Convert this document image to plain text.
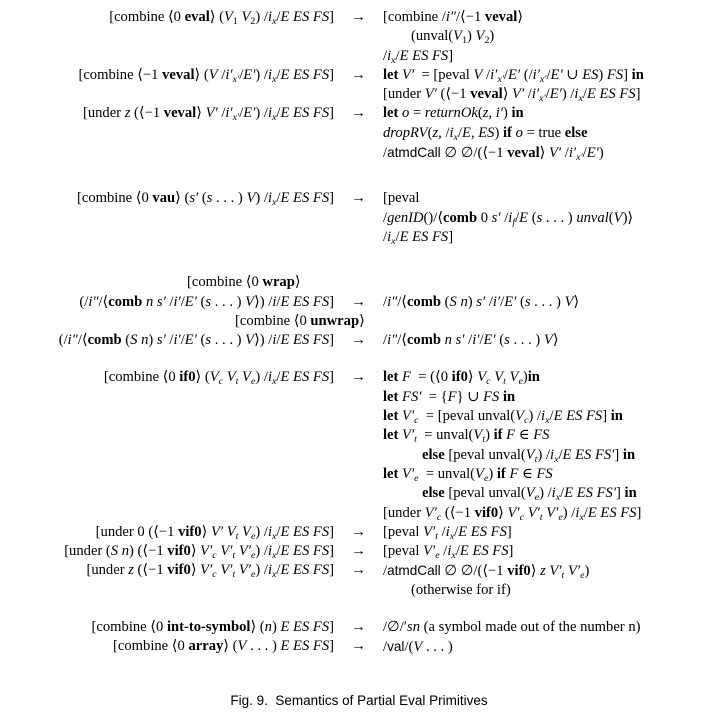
[combine ⟨0 eval⟩ ($V_1$ $V_2$) $/i_x/E$ ES FS]	→	[combine /i″/⟨−1 veval⟩
($unval(V_1)$ $V_2$)
$/i_x/E$ ES FS]
[combine ⟨−1 veval⟩ (V $/i'_{x'}/E'$) $/i_x/E$ ES FS]	→	let V′  = [peval V $/i'_{x'}/E'$ ($/i'_{x'}/E'$ ∪ ES) FS] in
[under V′ (⟨−1 veval⟩ V′ $/i'_{x'}/E'$) $/i_x/E$ ES FS]
[under z (⟨−1 veval⟩ V′ $/i'_{x'}/E'$) $/i_x/E$ ES FS]	→	let o = returnOk(z, i′) in
dropRV(z, $/i_x/E$, ES) if o = true else
/atmdCall ∅ ∅/(⟨−1 veval⟩ V′ $/i'_{x'}/E'$)
[combine ⟨0 vau⟩ (s′ (s . . . ) V) $/i_x/E$ ES FS]	→	[peval
/genID()/⟨comb 0 s′ $/i_f/E$ (s . . . ) unval(V)⟩
$/i_x/E$ ES FS]
[combine ⟨0 wrap⟩
(/i″/⟨comb n s′ /i′/E′ (s . . . ) V⟩) /i/E ES FS]	→	/i″/⟨comb (S n) s′ /i′/E′ (s . . . ) V⟩
[combine ⟨0 unwrap⟩
(/i″/⟨comb (S n) s′ /i′/E′ (s . . . ) V⟩) /i/E ES FS]	→	/i″/⟨comb n s′ /i′/E′ (s . . . ) V⟩
[combine ⟨0 if0⟩ ($V_c$ $V_t$ $V_e$) $/i_x/E$ ES FS]	→	let F  = (⟨0 if0⟩ $V_c$ $V_t$ $V_e)in$
let FS′  = {F} ∪ FS in
let $V'_c$  = [peval $unval(V_c)$ $/i_x/E$ ES FS] in
let $V'_t$  = $unval(V_t)$ if F ∈ FS
else [peval $unval(V_t)$ $/i_x/E$ ES FS′] in
let $V'_e$  = $unval(V_e)$ if F ∈ FS
else [peval $unval(V_e)$ $/i_x/E$ ES FS′] in
[under $V'_c$ (⟨−1 vif0⟩ $V'_c$ $V'_t$ $V'_e$) $/i_x/E$ ES FS]
[under 0 (⟨−1 vif0⟩ V′ $V_t$ $V_e$) $/i_x/E$ ES FS]	→	[peval $V'_t$ $/i_x/E$ ES FS]
[under (S n) (⟨−1 vif0⟩ $V'_c$ $V'_t$ $V'_e$) $/i_x/E$ ES FS]	→	[peval $V'_e$ $/i_x/E$ ES FS]
[under z (⟨−1 vif0⟩ $V'_c$ $V'_t$ $V'_e$) $/i_x/E$ ES FS]	→	/atmdCall ∅ ∅/(⟨−1 vif0⟩ z $V'_t$ $V'_e$)
(otherwise for if)
[combine ⟨0 int-to-symbol⟩ (n) E ES FS]	→	/∅/′sn (a symbol made out of the number n)
[combine ⟨0 array⟩ (V . . . ) E ES FS]	→	/val/(V . . . )
Fig. 9.  Semantics of Partial Eval Primitives
